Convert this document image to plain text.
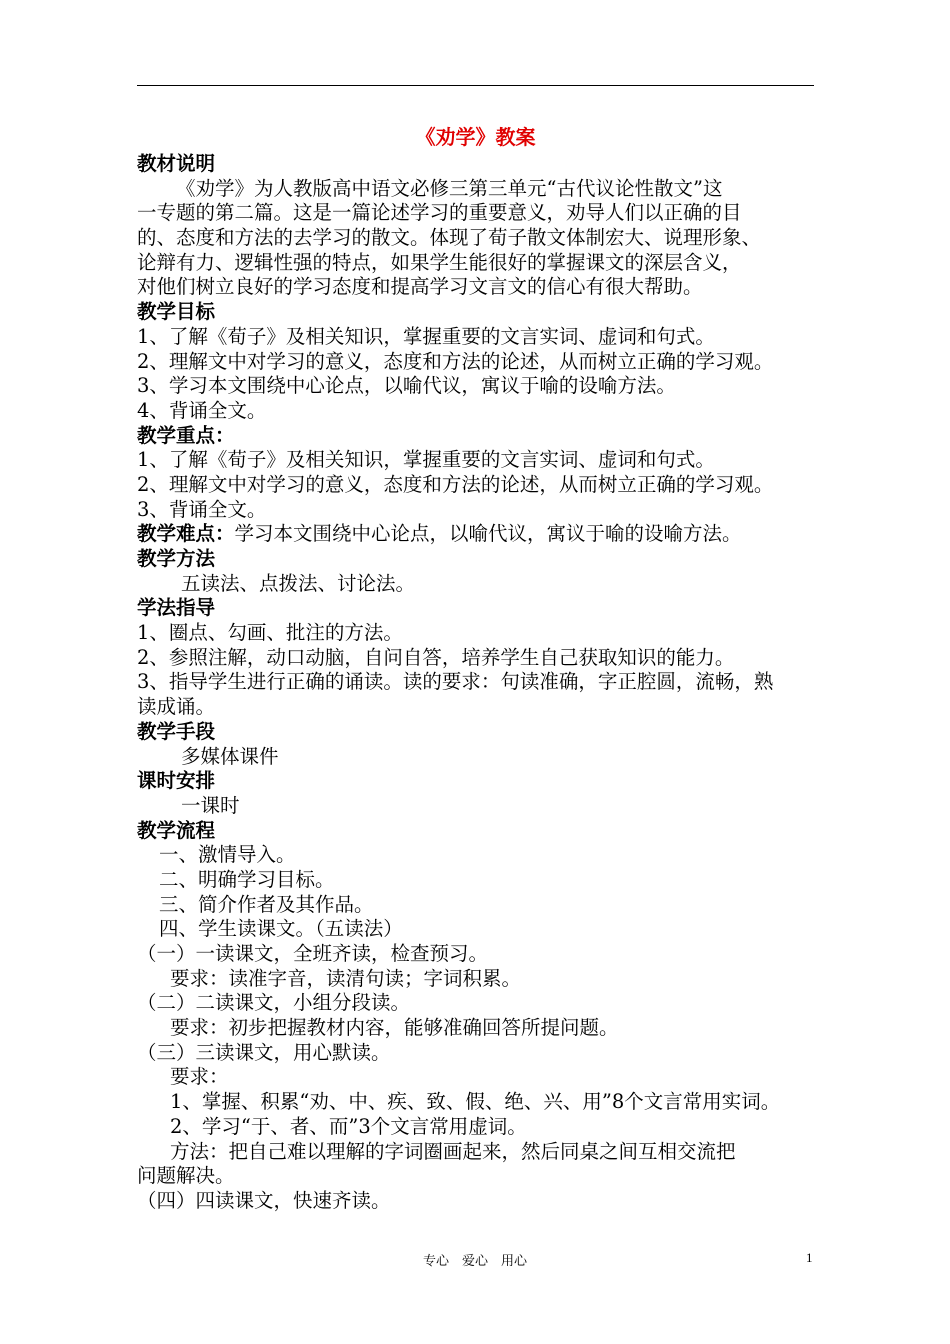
《劝学》教案
教材说明
《劝学》为人教版高中语文必修三第三单元“古代议论性散文”这
一专题的第二篇。这是一篇论述学习的重要意义，劝导人们以正确的目
的、态度和方法的去学习的散文。体现了荀子散文体制宏大、说理形象、
论辩有力、逻辑性强的特点，如果学生能很好的掌握课文的深层含义，
对他们树立良好的学习态度和提高学习文言文的信心有很大帮助。
教学目标
1、了解《荀子》及相关知识，掌握重要的文言实词、虚词和句式。
2、理解文中对学习的意义，态度和方法的论述，从而树立正确的学习观。
3、学习本文围绕中心论点，以喻代议，寓议于喻的设喻方法。
4、背诵全文。
教学重点：
1、了解《荀子》及相关知识，掌握重要的文言实词、虚词和句式。
2、理解文中对学习的意义，态度和方法的论述，从而树立正确的学习观。
3、背诵全文。
教学难点：学习本文围绕中心论点，以喻代议，寓议于喻的设喻方法。
教学方法
五读法、点拨法、讨论法。
学法指导
1、圈点、勾画、批注的方法。
2、参照注解，动口动脑，自问自答，培养学生自己获取知识的能力。
3、指导学生进行正确的诵读。读的要求：句读准确，字正腔圆，流畅，熟
读成诵。
教学手段
多媒体课件
课时安排
一课时
教学流程
一、激情导入。
二、明确学习目标。
三、简介作者及其作品。
四、学生读课文。（五读法）
（一）一读课文，全班齐读，检查预习。
要求：读准字音，读清句读；字词积累。
（二）二读课文，小组分段读。
要求：初步把握教材内容，能够准确回答所提问题。
（三）三读课文，用心默读。
要求：
1、掌握、积累“劝、中、疾、致、假、绝、兴、用”8个文言常用实词。
2、学习“于、者、而”3个文言常用虚词。
方法：把自己难以理解的字词圈画起来，然后同桌之间互相交流把
问题解决。
（四）四读课文，快速齐读。
专心　爱心　用心	1
